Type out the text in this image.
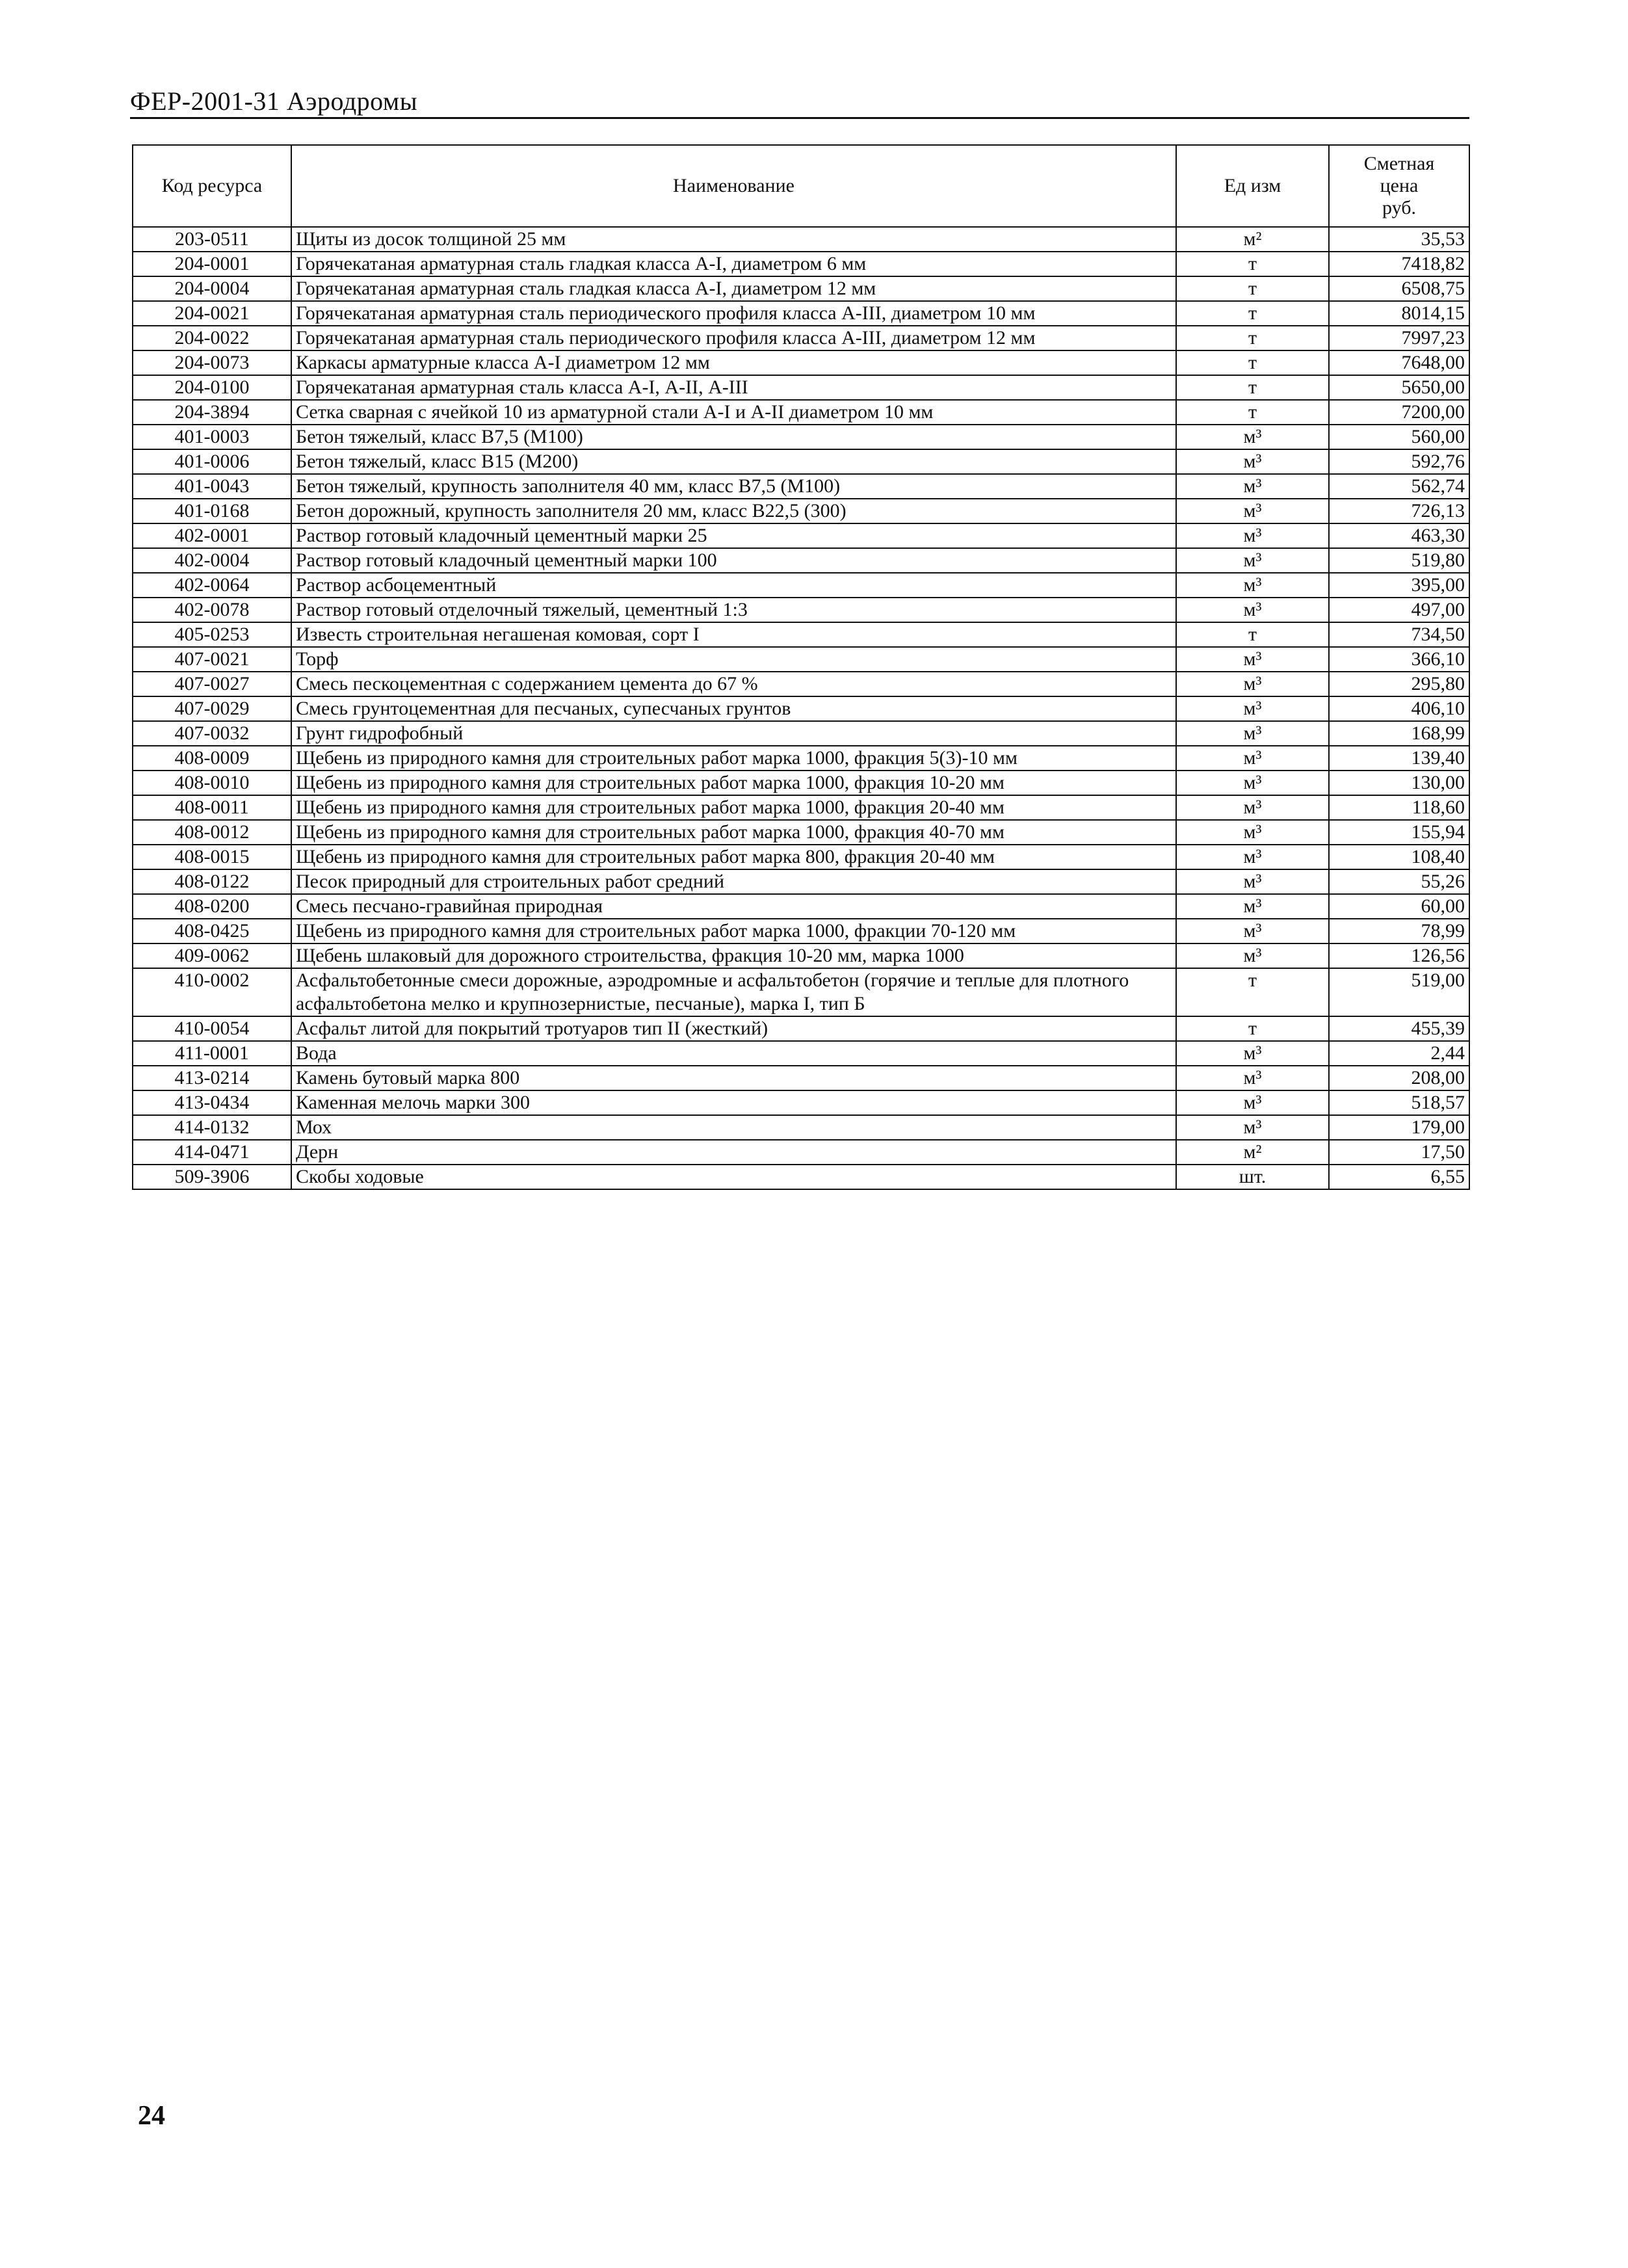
ФЕР-2001-31 Аэродромы
Код ресурса	Наименование	Ед изм	Сметная
цена
руб.
203-0511	Щиты из досок толщиной 25 мм	м²	35,53
204-0001	Горячекатаная арматурная сталь гладкая класса А-I, диаметром 6 мм	т	7418,82
204-0004	Горячекатаная арматурная сталь гладкая класса А-I, диаметром 12 мм	т	6508,75
204-0021	Горячекатаная арматурная сталь периодического профиля класса А-III, диаметром 10 мм	т	8014,15
204-0022	Горячекатаная арматурная сталь периодического профиля класса А-III, диаметром 12 мм	т	7997,23
204-0073	Каркасы арматурные класса А-I диаметром 12 мм	т	7648,00
204-0100	Горячекатаная арматурная сталь класса А-I, А-II, А-III	т	5650,00
204-3894	Сетка сварная с ячейкой 10 из арматурной стали А-I и А-II диаметром 10 мм	т	7200,00
401-0003	Бетон тяжелый, класс В7,5 (М100)	м³	560,00
401-0006	Бетон тяжелый, класс В15 (М200)	м³	592,76
401-0043	Бетон тяжелый, крупность заполнителя 40 мм, класс В7,5 (М100)	м³	562,74
401-0168	Бетон дорожный, крупность заполнителя 20 мм, класс В22,5 (300)	м³	726,13
402-0001	Раствор готовый кладочный цементный марки 25	м³	463,30
402-0004	Раствор готовый кладочный цементный марки 100	м³	519,80
402-0064	Раствор асбоцементный	м³	395,00
402-0078	Раствор готовый отделочный тяжелый, цементный 1:3	м³	497,00
405-0253	Известь строительная негашеная комовая, сорт I	т	734,50
407-0021	Торф	м³	366,10
407-0027	Смесь пескоцементная с содержанием цемента до 67 %	м³	295,80
407-0029	Смесь грунтоцементная для песчаных, супесчаных грунтов	м³	406,10
407-0032	Грунт гидрофобный	м³	168,99
408-0009	Щебень из природного камня для строительных работ марка 1000, фракция 5(3)-10 мм	м³	139,40
408-0010	Щебень из природного камня для строительных работ марка 1000, фракция 10-20 мм	м³	130,00
408-0011	Щебень из природного камня для строительных работ марка 1000, фракция 20-40 мм	м³	118,60
408-0012	Щебень из природного камня для строительных работ марка 1000, фракция 40-70 мм	м³	155,94
408-0015	Щебень из природного камня для строительных работ марка 800, фракция 20-40 мм	м³	108,40
408-0122	Песок природный для строительных работ средний	м³	55,26
408-0200	Смесь песчано-гравийная природная	м³	60,00
408-0425	Щебень из природного камня для строительных работ марка 1000, фракции 70-120 мм	м³	78,99
409-0062	Щебень шлаковый для дорожного строительства, фракция 10-20 мм, марка 1000	м³	126,56
410-0002	Асфальтобетонные смеси дорожные, аэродромные и асфальтобетон (горячие и теплые для плотного асфальтобетона мелко и крупнозернистые, песчаные), марка I, тип Б	т	519,00
410-0054	Асфальт литой для покрытий тротуаров тип II (жесткий)	т	455,39
411-0001	Вода	м³	2,44
413-0214	Камень бутовый марка 800	м³	208,00
413-0434	Каменная мелочь марки 300	м³	518,57
414-0132	Мох	м³	179,00
414-0471	Дерн	м²	17,50
509-3906	Скобы ходовые	шт.	6,55
24
